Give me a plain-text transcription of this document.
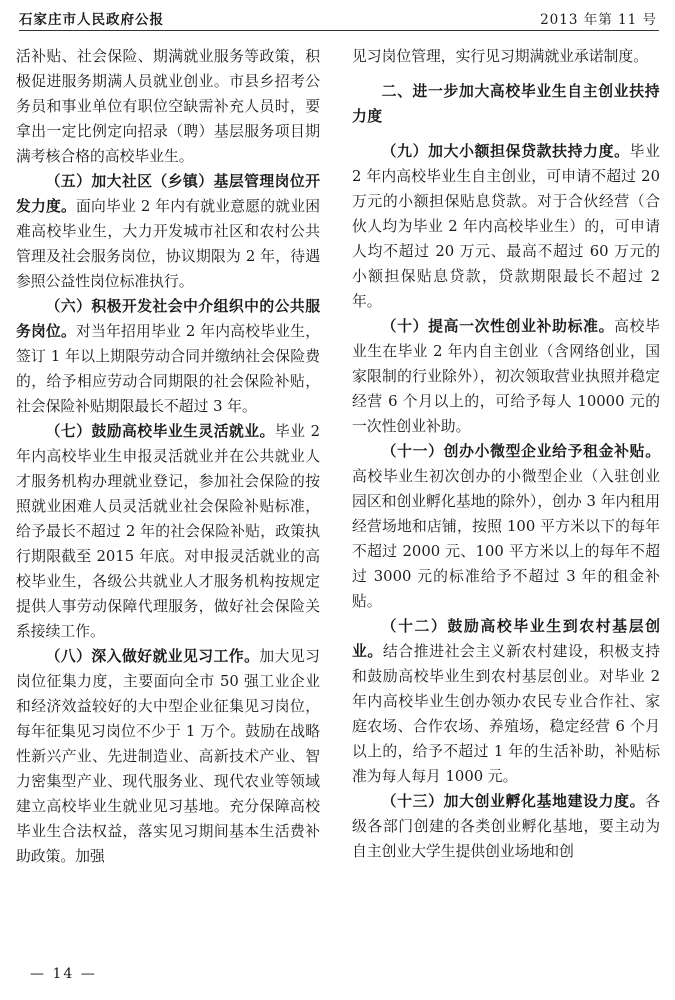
石家庄市人民政府公报	2013 年第 11 号

活补贴、社会保险、期满就业服务等政策，积极促进服务期满人员就业创业。市县乡招考公务员和事业单位有职位空缺需补充人员时，要拿出一定比例定向招录（聘）基层服务项目期满考核合格的高校毕业生。

（五）加大社区（乡镇）基层管理岗位开发力度。面向毕业 2 年内有就业意愿的就业困难高校毕业生，大力开发城市社区和农村公共管理及社会服务岗位，协议期限为 2 年，待遇参照公益性岗位标准执行。

（六）积极开发社会中介组织中的公共服务岗位。对当年招用毕业 2 年内高校毕业生，签订 1 年以上期限劳动合同并缴纳社会保险费的，给予相应劳动合同期限的社会保险补贴，社会保险补贴期限最长不超过 3 年。

（七）鼓励高校毕业生灵活就业。毕业 2 年内高校毕业生申报灵活就业并在公共就业人才服务机构办理就业登记，参加社会保险的按照就业困难人员灵活就业社会保险补贴标准，给予最长不超过 2 年的社会保险补贴，政策执行期限截至 2015 年底。对申报灵活就业的高校毕业生，各级公共就业人才服务机构按规定提供人事劳动保障代理服务，做好社会保险关系接续工作。

（八）深入做好就业见习工作。加大见习岗位征集力度，主要面向全市 50 强工业企业和经济效益较好的大中型企业征集见习岗位，每年征集见习岗位不少于 1 万个。鼓励在战略性新兴产业、先进制造业、高新技术产业、智力密集型产业、现代服务业、现代农业等领域建立高校毕业生就业见习基地。充分保障高校毕业生合法权益，落实见习期间基本生活费补助政策。加强

见习岗位管理，实行见习期满就业承诺制度。

二、进一步加大高校毕业生自主创业扶持力度

（九）加大小额担保贷款扶持力度。毕业 2 年内高校毕业生自主创业，可申请不超过 20 万元的小额担保贴息贷款。对于合伙经营（合伙人均为毕业 2 年内高校毕业生）的，可申请人均不超过 20 万元、最高不超过 60 万元的小额担保贴息贷款，贷款期限最长不超过 2 年。

（十）提高一次性创业补助标准。高校毕业生在毕业 2 年内自主创业（含网络创业，国家限制的行业除外），初次领取营业执照并稳定经营 6 个月以上的，可给予每人 10000 元的一次性创业补助。

（十一）创办小微型企业给予租金补贴。高校毕业生初次创办的小微型企业（入驻创业园区和创业孵化基地的除外），创办 3 年内租用经营场地和店铺，按照 100 平方米以下的每年不超过 2000 元、100 平方米以上的每年不超过 3000 元的标准给予不超过 3 年的租金补贴。

（十二）鼓励高校毕业生到农村基层创业。结合推进社会主义新农村建设，积极支持和鼓励高校毕业生到农村基层创业。对毕业 2 年内高校毕业生创办领办农民专业合作社、家庭农场、合作农场、养殖场，稳定经营 6 个月以上的，给予不超过 1 年的生活补助，补贴标准为每人每月 1000 元。

（十三）加大创业孵化基地建设力度。各级各部门创建的各类创业孵化基地，要主动为自主创业大学生提供创业场地和创

— 14 —
